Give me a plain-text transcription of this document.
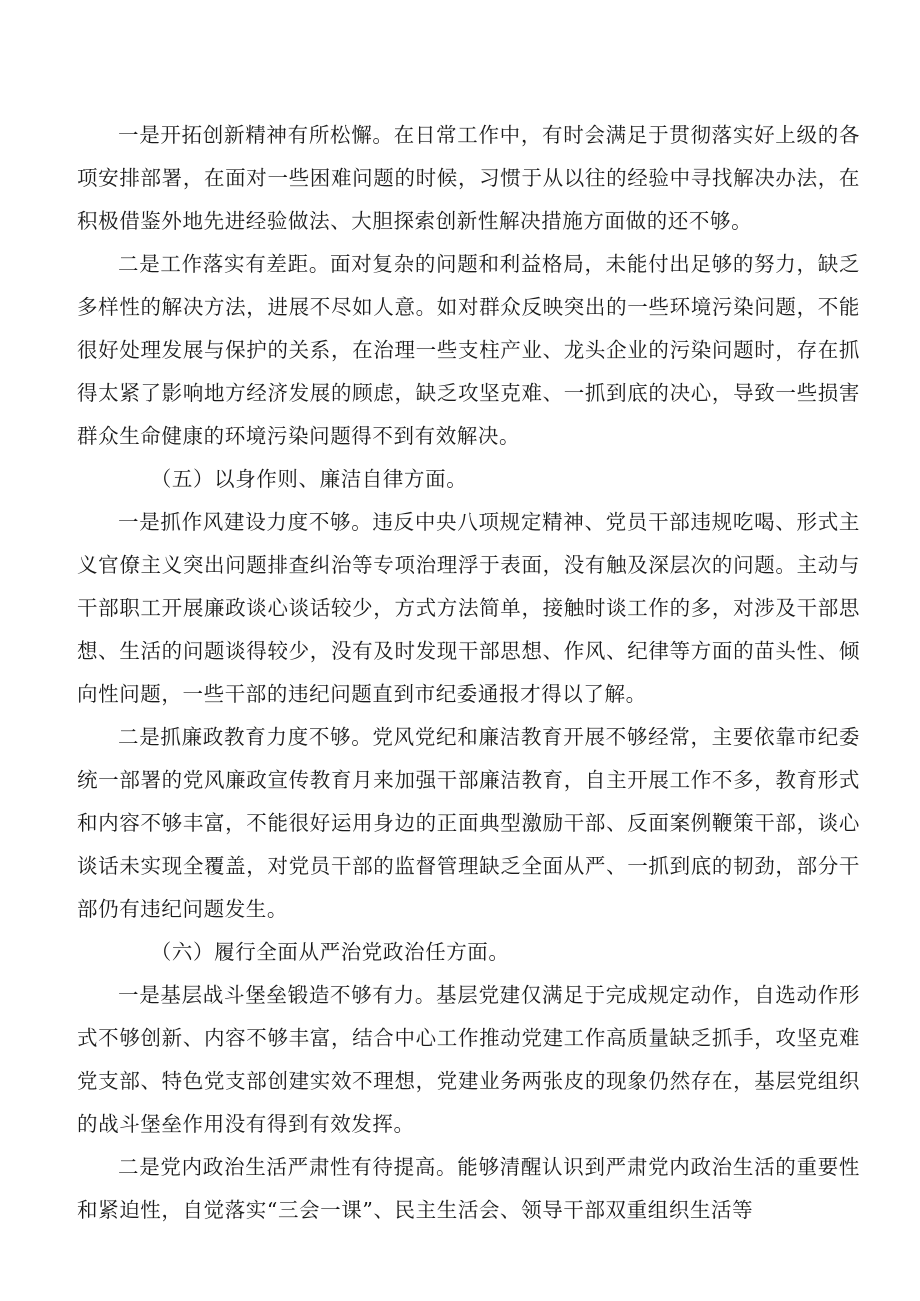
一是开拓创新精神有所松懈。在日常工作中，有时会满足于贯彻落实好上级的各项安排部署，在面对一些困难问题的时候，习惯于从以往的经验中寻找解决办法，在积极借鉴外地先进经验做法、大胆探索创新性解决措施方面做的还不够。

二是工作落实有差距。面对复杂的问题和利益格局，未能付出足够的努力，缺乏多样性的解决方法，进展不尽如人意。如对群众反映突出的一些环境污染问题，不能很好处理发展与保护的关系，在治理一些支柱产业、龙头企业的污染问题时，存在抓得太紧了影响地方经济发展的顾虑，缺乏攻坚克难、一抓到底的决心，导致一些损害群众生命健康的环境污染问题得不到有效解决。

（五）以身作则、廉洁自律方面。

一是抓作风建设力度不够。违反中央八项规定精神、党员干部违规吃喝、形式主义官僚主义突出问题排查纠治等专项治理浮于表面，没有触及深层次的问题。主动与干部职工开展廉政谈心谈话较少，方式方法简单，接触时谈工作的多，对涉及干部思想、生活的问题谈得较少，没有及时发现干部思想、作风、纪律等方面的苗头性、倾向性问题，一些干部的违纪问题直到市纪委通报才得以了解。

二是抓廉政教育力度不够。党风党纪和廉洁教育开展不够经常，主要依靠市纪委统一部署的党风廉政宣传教育月来加强干部廉洁教育，自主开展工作不多，教育形式和内容不够丰富，不能很好运用身边的正面典型激励干部、反面案例鞭策干部，谈心谈话未实现全覆盖，对党员干部的监督管理缺乏全面从严、一抓到底的韧劲，部分干部仍有违纪问题发生。

（六）履行全面从严治党政治任方面。

一是基层战斗堡垒锻造不够有力。基层党建仅满足于完成规定动作，自选动作形式不够创新、内容不够丰富，结合中心工作推动党建工作高质量缺乏抓手，攻坚克难党支部、特色党支部创建实效不理想，党建业务两张皮的现象仍然存在，基层党组织的战斗堡垒作用没有得到有效发挥。

二是党内政治生活严肃性有待提高。能够清醒认识到严肃党内政治生活的重要性和紧迫性，自觉落实“三会一课”、民主生活会、领导干部双重组织生活等
